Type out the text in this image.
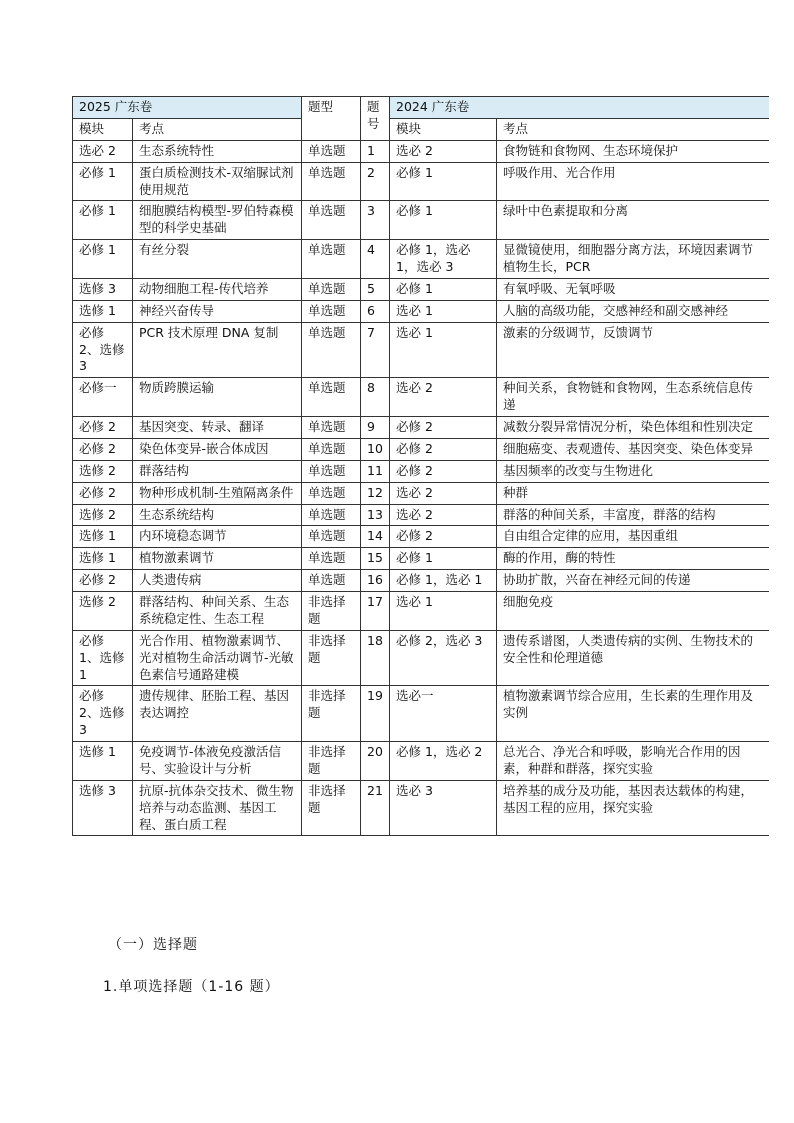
2025 广东卷		题型	题号	2024 广东卷	
模块	考点			模块	考点
选必 2	生态系统特性	单选题	1	选必 2	食物链和食物网、生态环境保护
必修 1	蛋白质检测技术-双缩脲试剂使用规范	单选题	2	必修 1	呼吸作用、光合作用
必修 1	细胞膜结构模型-罗伯特森模型的科学史基础	单选题	3	必修 1	绿叶中色素提取和分离
必修 1	有丝分裂	单选题	4	必修 1，选必 1，选必 3	显微镜使用，细胞器分离方法，环境因素调节植物生长，PCR
选修 3	动物细胞工程-传代培养	单选题	5	必修 1	有氧呼吸、无氧呼吸
选修 1	神经兴奋传导	单选题	6	选必 1	人脑的高级功能，交感神经和副交感神经
必修 2、选修 3	PCR 技术原理 DNA 复制	单选题	7	选必 1	激素的分级调节，反馈调节
必修一	物质跨膜运输	单选题	8	选必 2	种间关系，食物链和食物网，生态系统信息传递
必修 2	基因突变、转录、翻译	单选题	9	必修 2	减数分裂异常情况分析，染色体组和性别决定
必修 2	染色体变异-嵌合体成因	单选题	10	必修 2	细胞癌变、表观遗传、基因突变、染色体变异
选修 2	群落结构	单选题	11	必修 2	基因频率的改变与生物进化
必修 2	物种形成机制-生殖隔离条件	单选题	12	选必 2	种群
选修 2	生态系统结构	单选题	13	选必 2	群落的种间关系，丰富度，群落的结构
选修 1	内环境稳态调节	单选题	14	必修 2	自由组合定律的应用，基因重组
选修 1	植物激素调节	单选题	15	必修 1	酶的作用，酶的特性
必修 2	人类遗传病	单选题	16	必修 1，选必 1	协助扩散，兴奋在神经元间的传递
选修 2	群落结构、种间关系、生态系统稳定性、生态工程	非选择题	17	选必 1	细胞免疫
必修 1、选修 1	光合作用、植物激素调节、光对植物生命活动调节-光敏色素信号通路建模	非选择题	18	必修 2，选必 3	遗传系谱图，人类遗传病的实例、生物技术的安全性和伦理道德
必修 2、选修 3	遗传规律、胚胎工程、基因表达调控	非选择题	19	选必一	植物激素调节综合应用，生长素的生理作用及实例
选修 1	免疫调节-体液免疫激活信号、实验设计与分析	非选择题	20	必修 1，选必 2	总光合、净光合和呼吸，影响光合作用的因素，种群和群落，探究实验
选修 3	抗原-抗体杂交技术、微生物培养与动态监测、基因工程、蛋白质工程	非选择题	21	选必 3	培养基的成分及功能，基因表达载体的构建，基因工程的应用，探究实验
（一）选择题
1.单项选择题（1-16 题）
